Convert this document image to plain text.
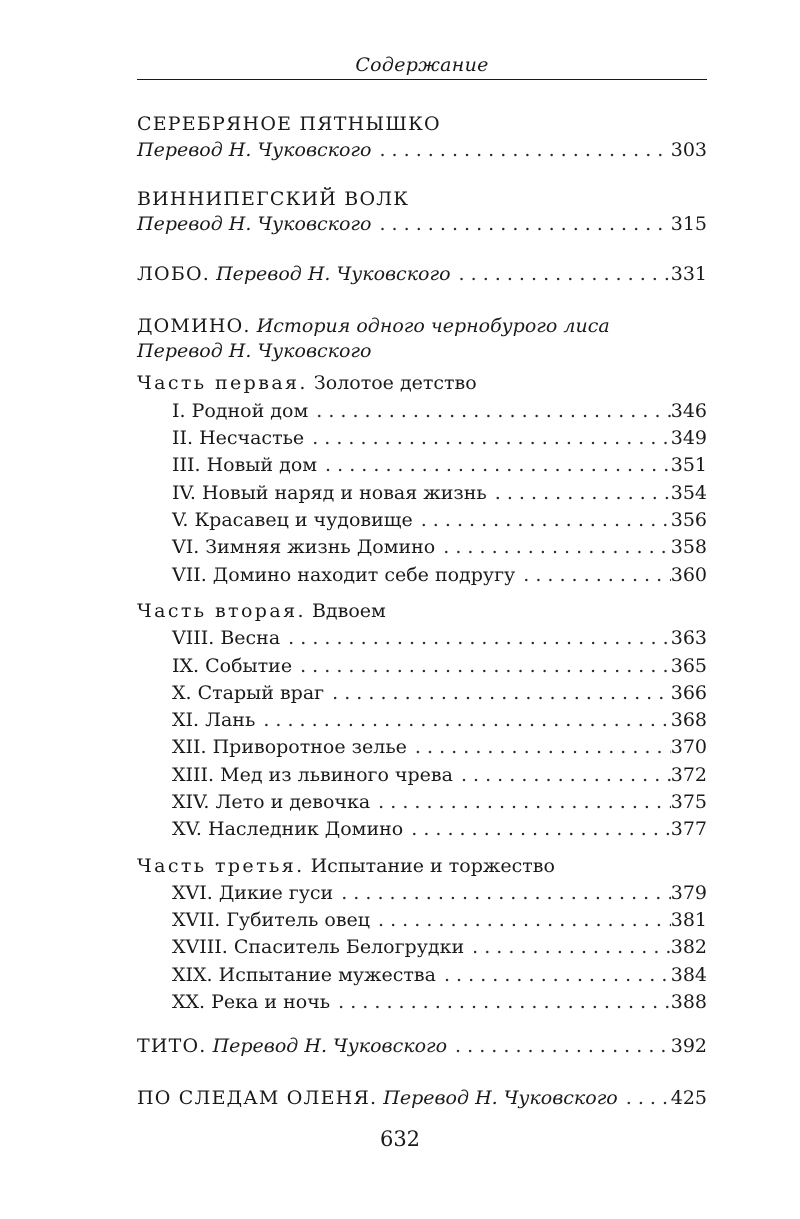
Содержание
СЕРЕБРЯНОЕ ПЯТНЫШКО
Перевод Н. Чуковского . . .	303
ВИННИПЕГСКИЙ ВОЛК
Перевод Н. Чуковского . . .	315
ЛОБО. Перевод Н. Чуковского . . .	331
ДОМИНО. История одного чернобурого лиса
Перевод Н. Чуковского
Часть первая. Золотое детство
I. Родной дом . . .	346
II. Несчастье . . .	349
III. Новый дом . . .	351
IV. Новый наряд и новая жизнь . . .	354
V. Красавец и чудовище . . .	356
VI. Зимняя жизнь Домино . . .	358
VII. Домино находит себе подругу . . .	360
Часть вторая. Вдвоем
VIII. Весна . . .	363
IX. Событие . . .	365
X. Старый враг . . .	366
XI. Лань . . .	368
XII. Приворотное зелье . . .	370
XIII. Мед из львиного чрева . . .	372
XIV. Лето и девочка . . .	375
XV. Наследник Домино . . .	377
Часть третья. Испытание и торжество
XVI. Дикие гуси . . .	379
XVII. Губитель овец . . .	381
XVIII. Спаситель Белогрудки . . .	382
XIX. Испытание мужества . . .	384
XX. Река и ночь . . .	388
ТИТО. Перевод Н. Чуковского . . .	392
ПО СЛЕДАМ ОЛЕНЯ. Перевод Н. Чуковского . . .	425
632
